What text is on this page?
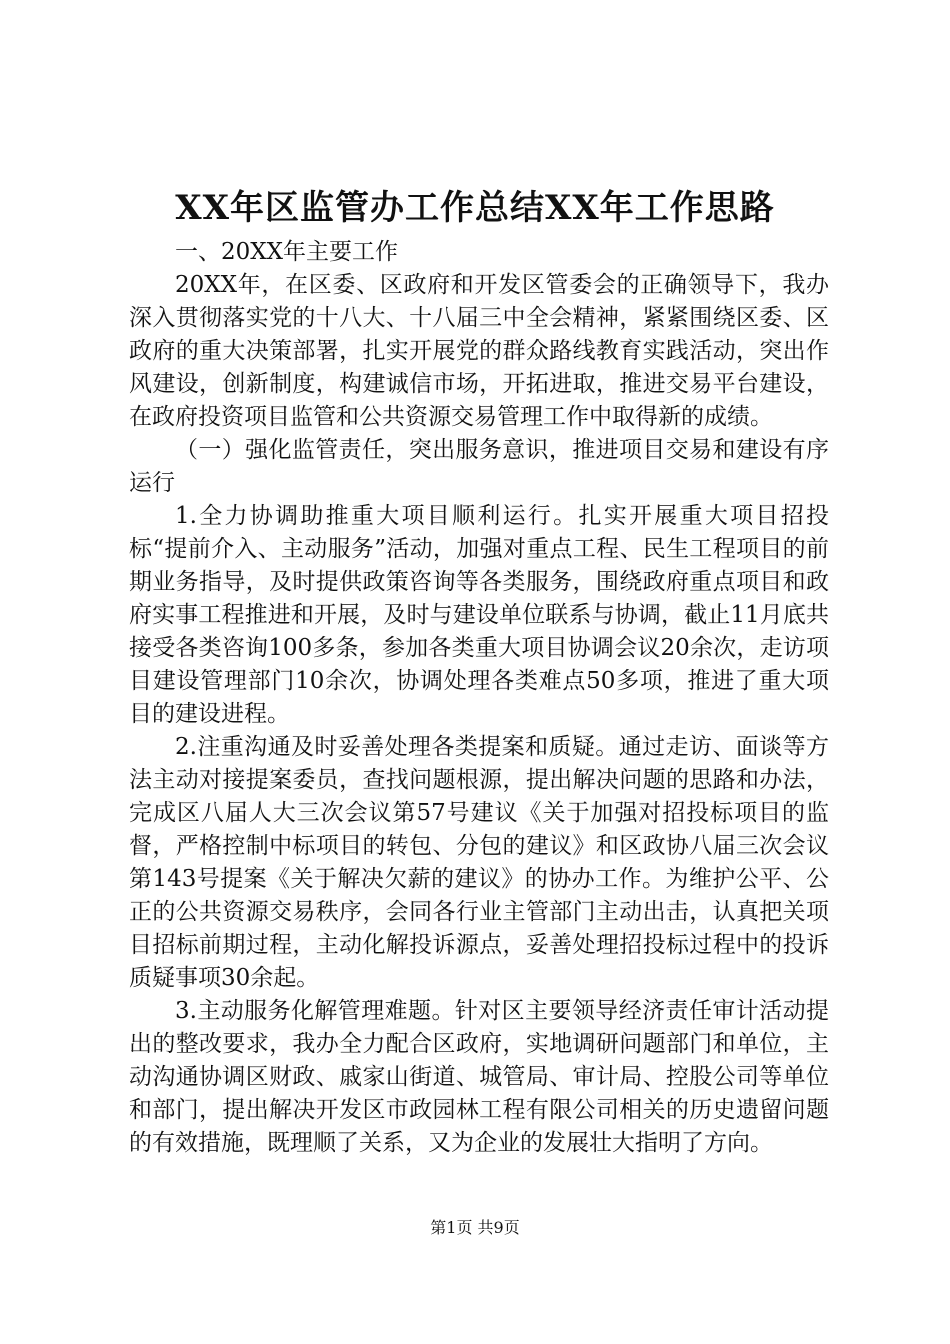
XX年区监管办工作总结XX年工作思路

一、20XX年主要工作

20XX年，在区委、区政府和开发区管委会的正确领导下，我办深入贯彻落实党的十八大、十八届三中全会精神，紧紧围绕区委、区政府的重大决策部署，扎实开展党的群众路线教育实践活动，突出作风建设，创新制度，构建诚信市场，开拓进取，推进交易平台建设，在政府投资项目监管和公共资源交易管理工作中取得新的成绩。

（一）强化监管责任，突出服务意识，推进项目交易和建设有序运行

1.全力协调助推重大项目顺利运行。扎实开展重大项目招投标“提前介入、主动服务”活动，加强对重点工程、民生工程项目的前期业务指导，及时提供政策咨询等各类服务，围绕政府重点项目和政府实事工程推进和开展，及时与建设单位联系与协调，截止11月底共接受各类咨询100多条，参加各类重大项目协调会议20余次，走访项目建设管理部门10余次，协调处理各类难点50多项，推进了重大项目的建设进程。

2.注重沟通及时妥善处理各类提案和质疑。通过走访、面谈等方法主动对接提案委员，查找问题根源，提出解决问题的思路和办法，完成区八届人大三次会议第57号建议《关于加强对招投标项目的监督，严格控制中标项目的转包、分包的建议》和区政协八届三次会议第143号提案《关于解决欠薪的建议》的协办工作。为维护公平、公正的公共资源交易秩序，会同各行业主管部门主动出击，认真把关项目招标前期过程，主动化解投诉源点，妥善处理招投标过程中的投诉质疑事项30余起。

3.主动服务化解管理难题。针对区主要领导经济责任审计活动提出的整改要求，我办全力配合区政府，实地调研问题部门和单位，主动沟通协调区财政、戚家山街道、城管局、审计局、控股公司等单位和部门，提出解决开发区市政园林工程有限公司相关的历史遗留问题的有效措施，既理顺了关系，又为企业的发展壮大指明了方向。

第1页 共9页
